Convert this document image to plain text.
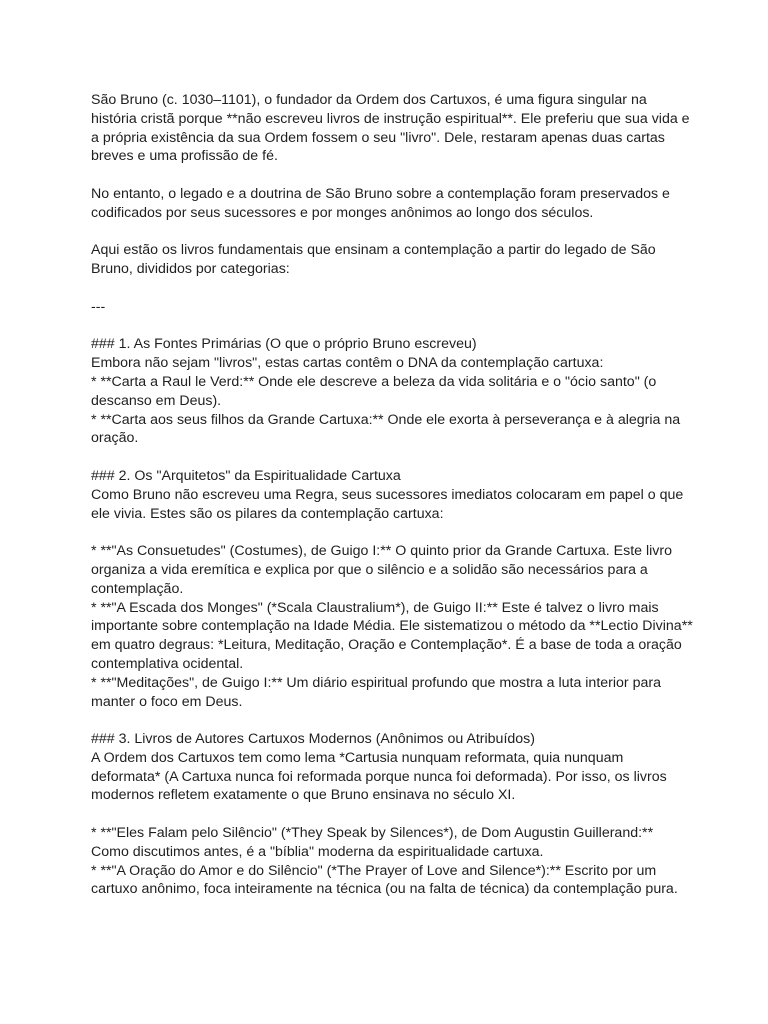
São Bruno (c. 1030–1101), o fundador da Ordem dos Cartuxos, é uma figura singular na
história cristã porque **não escreveu livros de instrução espiritual**. Ele preferiu que sua vida e
a própria existência da sua Ordem fossem o seu "livro". Dele, restaram apenas duas cartas
breves e uma profissão de fé.
No entanto, o legado e a doutrina de São Bruno sobre a contemplação foram preservados e
codificados por seus sucessores e por monges anônimos ao longo dos séculos.
Aqui estão os livros fundamentais que ensinam a contemplação a partir do legado de São
Bruno, divididos por categorias:
---
### 1. As Fontes Primárias (O que o próprio Bruno escreveu)
Embora não sejam "livros", estas cartas contêm o DNA da contemplação cartuxa:
* **Carta a Raul le Verd:** Onde ele descreve a beleza da vida solitária e o "ócio santo" (o
descanso em Deus).
* **Carta aos seus filhos da Grande Cartuxa:** Onde ele exorta à perseverança e à alegria na
oração.
### 2. Os "Arquitetos" da Espiritualidade Cartuxa
Como Bruno não escreveu uma Regra, seus sucessores imediatos colocaram em papel o que
ele vivia. Estes são os pilares da contemplação cartuxa:
* **"As Consuetudes" (Costumes), de Guigo I:** O quinto prior da Grande Cartuxa. Este livro
organiza a vida eremítica e explica por que o silêncio e a solidão são necessários para a
contemplação.
* **"A Escada dos Monges" (*Scala Claustralium*), de Guigo II:** Este é talvez o livro mais
importante sobre contemplação na Idade Média. Ele sistematizou o método da **Lectio Divina**
em quatro degraus: *Leitura, Meditação, Oração e Contemplação*. É a base de toda a oração
contemplativa ocidental.
* **"Meditações", de Guigo I:** Um diário espiritual profundo que mostra a luta interior para
manter o foco em Deus.
### 3. Livros de Autores Cartuxos Modernos (Anônimos ou Atribuídos)
A Ordem dos Cartuxos tem como lema *Cartusia nunquam reformata, quia nunquam
deformata* (A Cartuxa nunca foi reformada porque nunca foi deformada). Por isso, os livros
modernos refletem exatamente o que Bruno ensinava no século XI.
* **"Eles Falam pelo Silêncio" (*They Speak by Silences*), de Dom Augustin Guillerand:**
Como discutimos antes, é a "bíblia" moderna da espiritualidade cartuxa.
* **"A Oração do Amor e do Silêncio" (*The Prayer of Love and Silence*):** Escrito por um
cartuxo anônimo, foca inteiramente na técnica (ou na falta de técnica) da contemplação pura.
